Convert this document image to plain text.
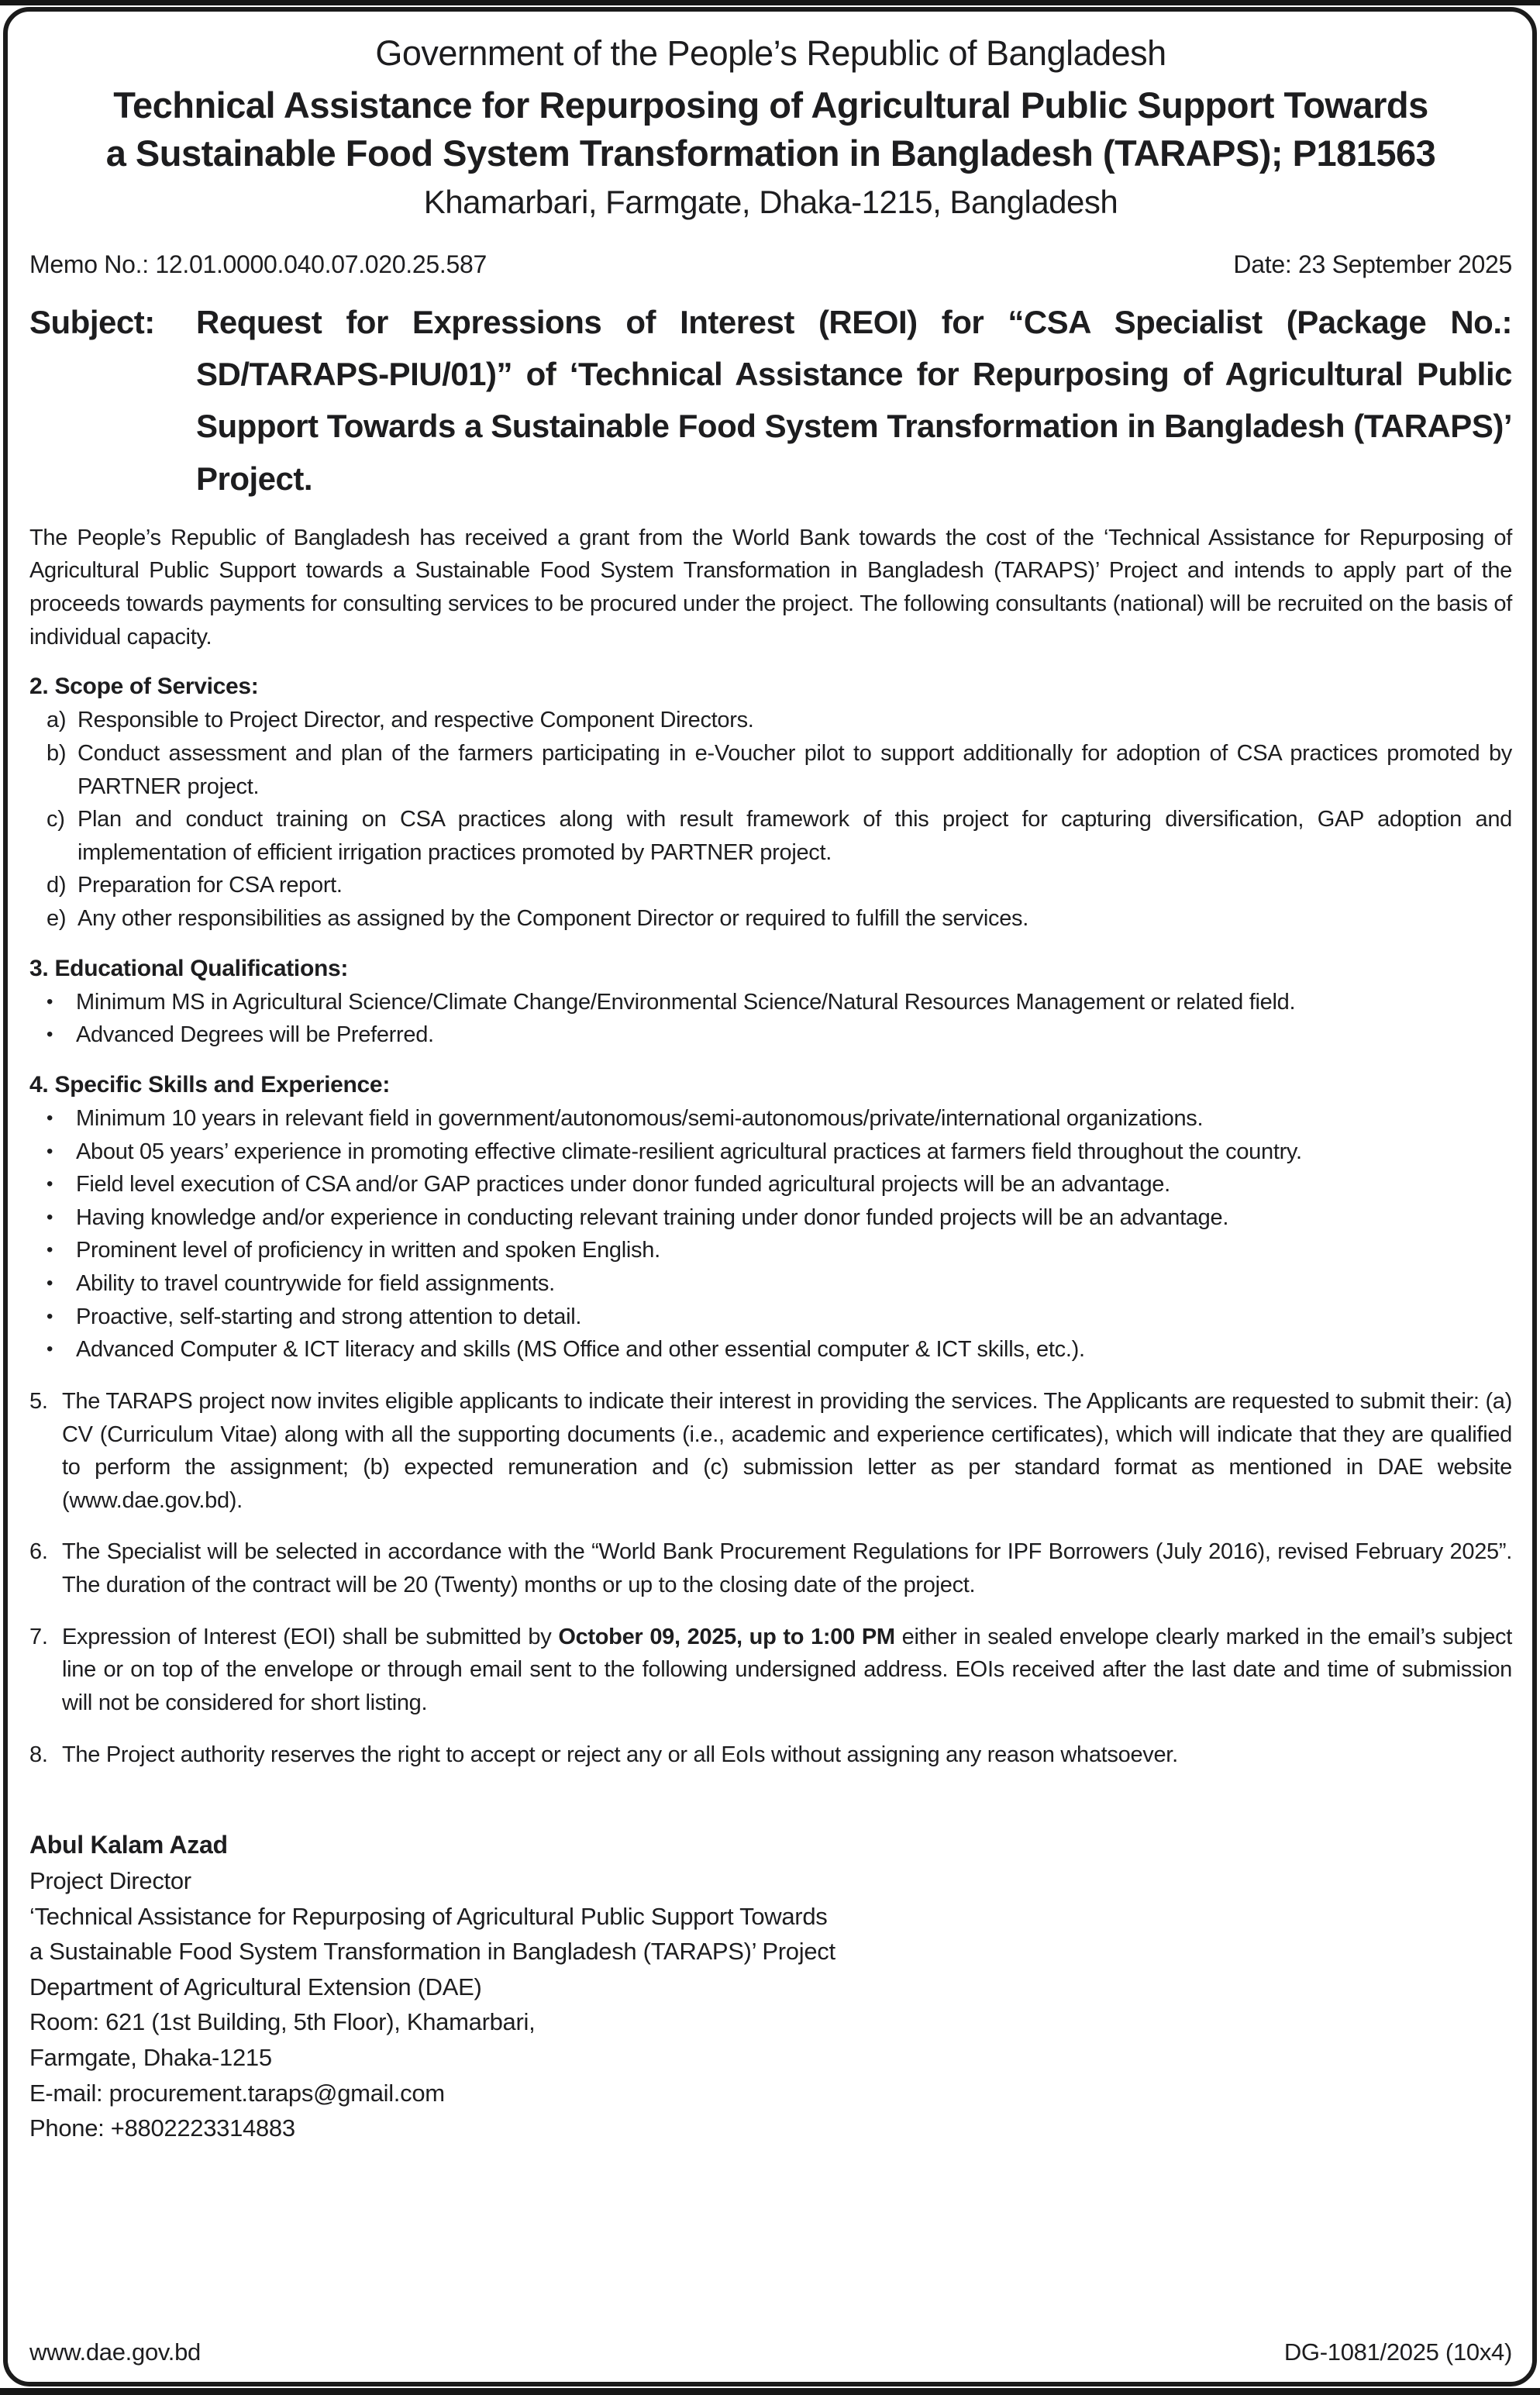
Government of the People’s Republic of Bangladesh
Technical Assistance for Repurposing of Agricultural Public Support Towards
a Sustainable Food System Transformation in Bangladesh (TARAPS); P181563
Khamarbari, Farmgate, Dhaka-1215, Bangladesh
Memo No.: 12.01.0000.040.07.020.25.587	Date: 23 September 2025
Subject:	Request for Expressions of Interest (REOI) for “CSA Specialist (Package No.: SD/TARAPS-PIU/01)” of ‘Technical Assistance for Repurposing of Agricultural Public Support Towards a Sustainable Food System Transformation in Bangladesh (TARAPS)’ Project.
The People’s Republic of Bangladesh has received a grant from the World Bank towards the cost of the ‘Technical Assistance for Repurposing of Agricultural Public Support towards a Sustainable Food System Transformation in Bangladesh (TARAPS)’ Project and intends to apply part of the proceeds towards payments for consulting services to be procured under the project. The following consultants (national) will be recruited on the basis of individual capacity.
2. Scope of Services:
a) Responsible to Project Director, and respective Component Directors.
b) Conduct assessment and plan of the farmers participating in e-Voucher pilot to support additionally for adoption of CSA practices promoted by PARTNER project.
c) Plan and conduct training on CSA practices along with result framework of this project for capturing diversification, GAP adoption and implementation of efficient irrigation practices promoted by PARTNER project.
d) Preparation for CSA report.
e) Any other responsibilities as assigned by the Component Director or required to fulfill the services.
3. Educational Qualifications:
•	Minimum MS in Agricultural Science/Climate Change/Environmental Science/Natural Resources Management or related field.
•	Advanced Degrees will be Preferred.
4. Specific Skills and Experience:
•	Minimum 10 years in relevant field in government/autonomous/semi-autonomous/private/international organizations.
•	About 05 years’ experience in promoting effective climate-resilient agricultural practices at farmers field throughout the country.
•	Field level execution of CSA and/or GAP practices under donor funded agricultural projects will be an advantage.
•	Having knowledge and/or experience in conducting relevant training under donor funded projects will be an advantage.
•	Prominent level of proficiency in written and spoken English.
•	Ability to travel countrywide for field assignments.
•	Proactive, self-starting and strong attention to detail.
•	Advanced Computer & ICT literacy and skills (MS Office and other essential computer & ICT skills, etc.).
5. The TARAPS project now invites eligible applicants to indicate their interest in providing the services. The Applicants are requested to submit their: (a) CV (Curriculum Vitae) along with all the supporting documents (i.e., academic and experience certificates), which will indicate that they are qualified to perform the assignment; (b) expected remuneration and (c) submission letter as per standard format as mentioned in DAE website (www.dae.gov.bd).
6. The Specialist will be selected in accordance with the “World Bank Procurement Regulations for IPF Borrowers (July 2016), revised February 2025”. The duration of the contract will be 20 (Twenty) months or up to the closing date of the project.
7. Expression of Interest (EOI) shall be submitted by October 09, 2025, up to 1:00 PM either in sealed envelope clearly marked in the email’s subject line or on top of the envelope or through email sent to the following undersigned address. EOIs received after the last date and time of submission will not be considered for short listing.
8. The Project authority reserves the right to accept or reject any or all EoIs without assigning any reason whatsoever.
Abul Kalam Azad
Project Director
‘Technical Assistance for Repurposing of Agricultural Public Support Towards
a Sustainable Food System Transformation in Bangladesh (TARAPS)’ Project
Department of Agricultural Extension (DAE)
Room: 621 (1st Building, 5th Floor), Khamarbari,
Farmgate, Dhaka-1215
E-mail: procurement.taraps@gmail.com
Phone: +8802223314883
www.dae.gov.bd	DG-1081/2025 (10x4)
